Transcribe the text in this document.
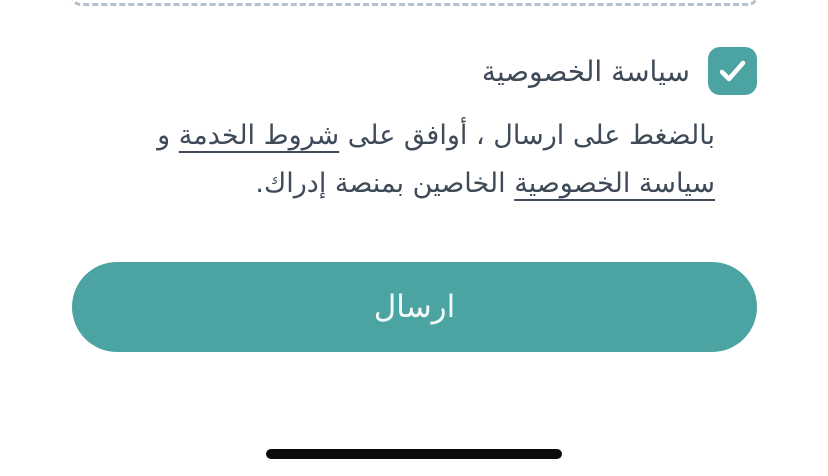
سياسة الخصوصية

بالضغط على ارسال ، أوافق على شروط الخدمة و
سياسة الخصوصية الخاصين بمنصة إدراك.

ارسال
